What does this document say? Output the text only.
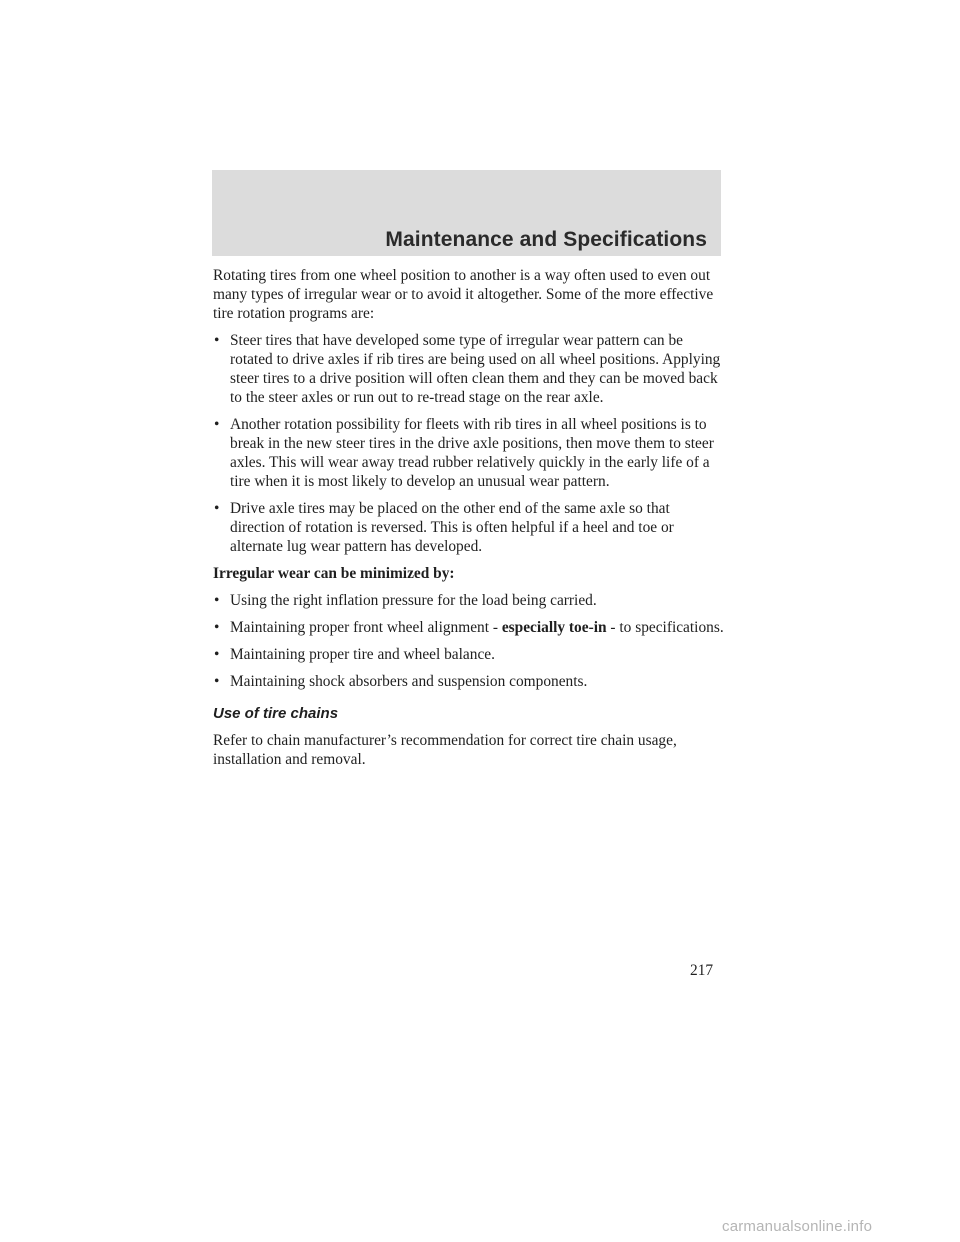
Maintenance and Specifications

Rotating tires from one wheel position to another is a way often used to even out many types of irregular wear or to avoid it altogether. Some of the more effective tire rotation programs are:

• Steer tires that have developed some type of irregular wear pattern can be rotated to drive axles if rib tires are being used on all wheel positions. Applying steer tires to a drive position will often clean them and they can be moved back to the steer axles or run out to re-tread stage on the rear axle.
• Another rotation possibility for fleets with rib tires in all wheel positions is to break in the new steer tires in the drive axle positions, then move them to steer axles. This will wear away tread rubber relatively quickly in the early life of a tire when it is most likely to develop an unusual wear pattern.
• Drive axle tires may be placed on the other end of the same axle so that direction of rotation is reversed. This is often helpful if a heel and toe or alternate lug wear pattern has developed.

Irregular wear can be minimized by:

• Using the right inflation pressure for the load being carried.
• Maintaining proper front wheel alignment - especially toe-in - to specifications.
• Maintaining proper tire and wheel balance.
• Maintaining shock absorbers and suspension components.
Use of tire chains

Refer to chain manufacturer’s recommendation for correct tire chain usage, installation and removal.

217
carmanualsonline.info
